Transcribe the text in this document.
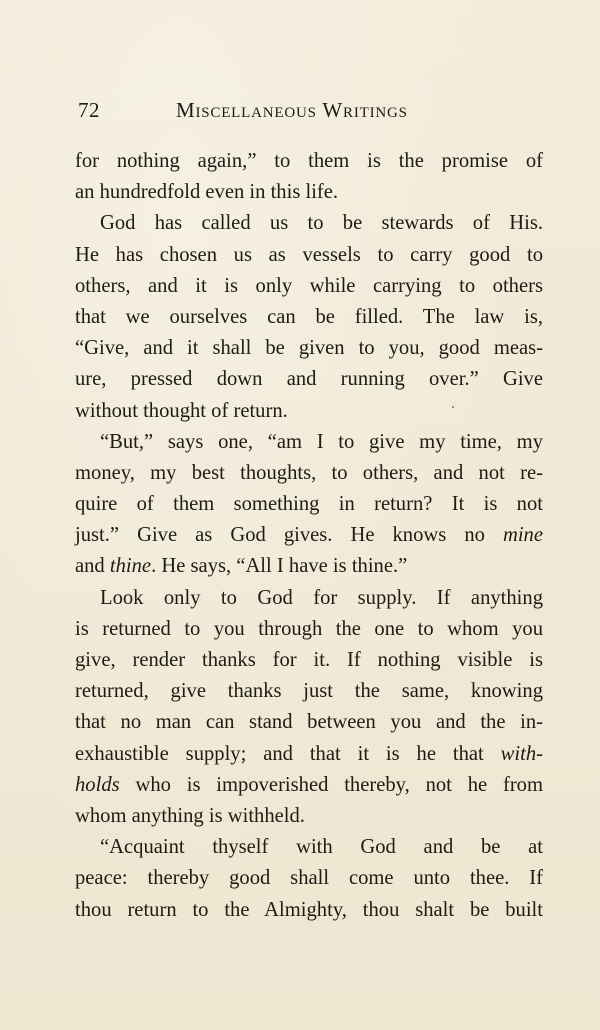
72	Miscellaneous Writings
for nothing again,” to them is the promise of
an hundredfold even in this life.
God has called us to be stewards of His.
He has chosen us as vessels to carry good to
others, and it is only while carrying to others
that we ourselves can be filled. The law is,
“Give, and it shall be given to you, good meas-
ure, pressed down and running over.” Give
without thought of return.
“But,” says one, “am I to give my time, my
money, my best thoughts, to others, and not re-
quire of them something in return? It is not
just.” Give as God gives. He knows no mine
and thine. He says, “All I have is thine.”
Look only to God for supply. If anything
is returned to you through the one to whom you
give, render thanks for it. If nothing visible is
returned, give thanks just the same, knowing
that no man can stand between you and the in-
exhaustible supply; and that it is he that with-
holds who is impoverished thereby, not he from
whom anything is withheld.
“Acquaint thyself with God and be at
peace: thereby good shall come unto thee. If
thou return to the Almighty, thou shalt be built
